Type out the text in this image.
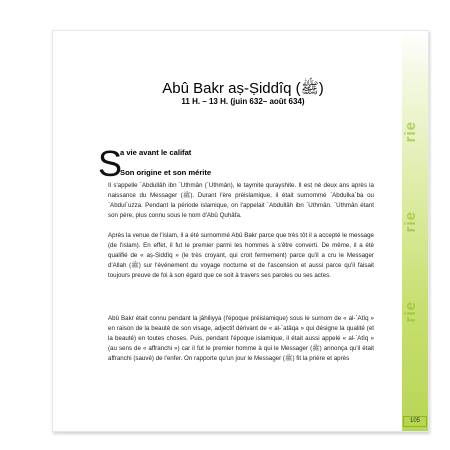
rie
rie
rie
Abû Bakr aṣ-Ṣiddîq (ﷺ)
11 H. – 13 H. (juin 632– août 634)
S
a vie avant le califat
Son origine et son mérite

Il s'appelle `Abdullâh ibn `Uthmân (`Uthmân), le taymite qurayshite. Il est né deux ans après la naissance du Messager (ﷺ). Durant l'ère préislamique, il était surnommé `Abdulka`ba ou `Abdul`uzza. Pendant la période islamique, on l'appelait `Abdullâh ibn `Uthmân. `Uthmân étant son père, plus connu sous le nom d'Abû Quhâfa.

Après la venue de l'islam, il a été surnommé Abû Bakr parce que très tôt il a accepté le message (de l'islam). En effet, il fut le premier parmi les hommes à s'être converti. De même, il a été qualifié de « aṣ-Ṣiddîq » (le très croyant, qui croit fermement) parce qu'il a cru le Messager d'Allah (ﷺ) sur l'événement du voyage nocturne et de l'ascension et aussi parce qu'il faisait toujours preuve de foi à son égard que ce soit à travers ses paroles ou ses actes.

Abû Bakr était connu pendant la jâhiliyya (l'époque préislamique) sous le surnom de « al-`Atîq » en raison de la beauté de son visage, adjectif dérivant de « al-`atâqa » qui désigne la qualité (et la beauté) en toutes choses. Puis, pendant l'époque islamique, il était aussi appelé « al-`Atîq » (au sens de « affranchi ») car il fut le premier homme à qui le Messager (ﷺ) annonça qu'il était affranchi (sauvé) de l'enfer. On rapporte qu'un jour le Messager (ﷺ) fit la prière et après

105
